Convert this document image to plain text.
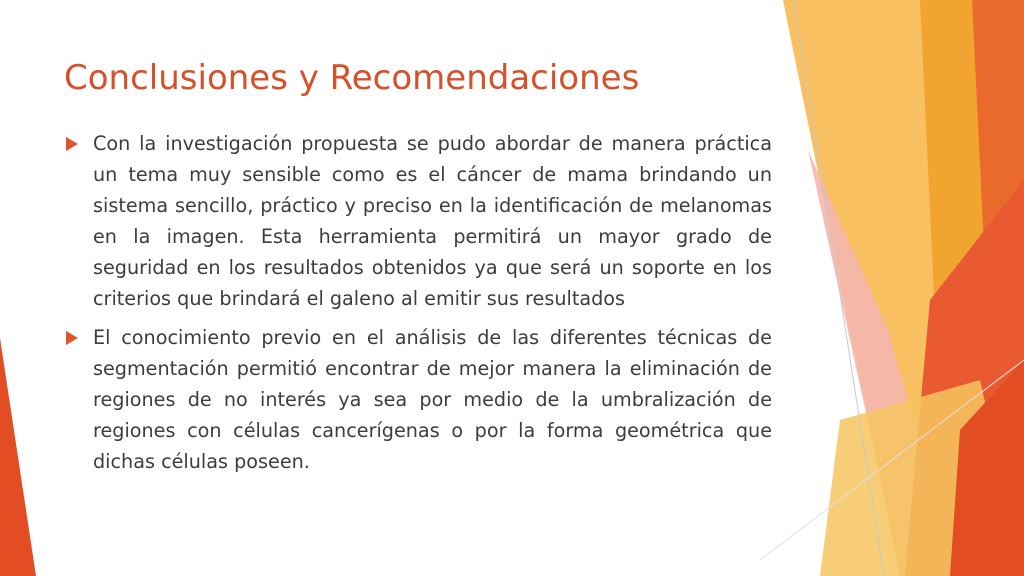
Conclusiones y Recomendaciones

Con la investigación propuesta se pudo abordar de manera práctica un tema muy sensible como es el cáncer de mama brindando un sistema sencillo, práctico y preciso en la identificación de melanomas en la imagen. Esta herramienta permitirá un mayor grado de seguridad en los resultados obtenidos ya que será un soporte en los criterios que brindará el galeno al emitir sus resultados

El conocimiento previo en el análisis de las diferentes técnicas de segmentación permitió encontrar de mejor manera la eliminación de regiones de no interés ya sea por medio de la umbralización de regiones con células cancerígenas o por la forma geométrica que dichas células poseen.
